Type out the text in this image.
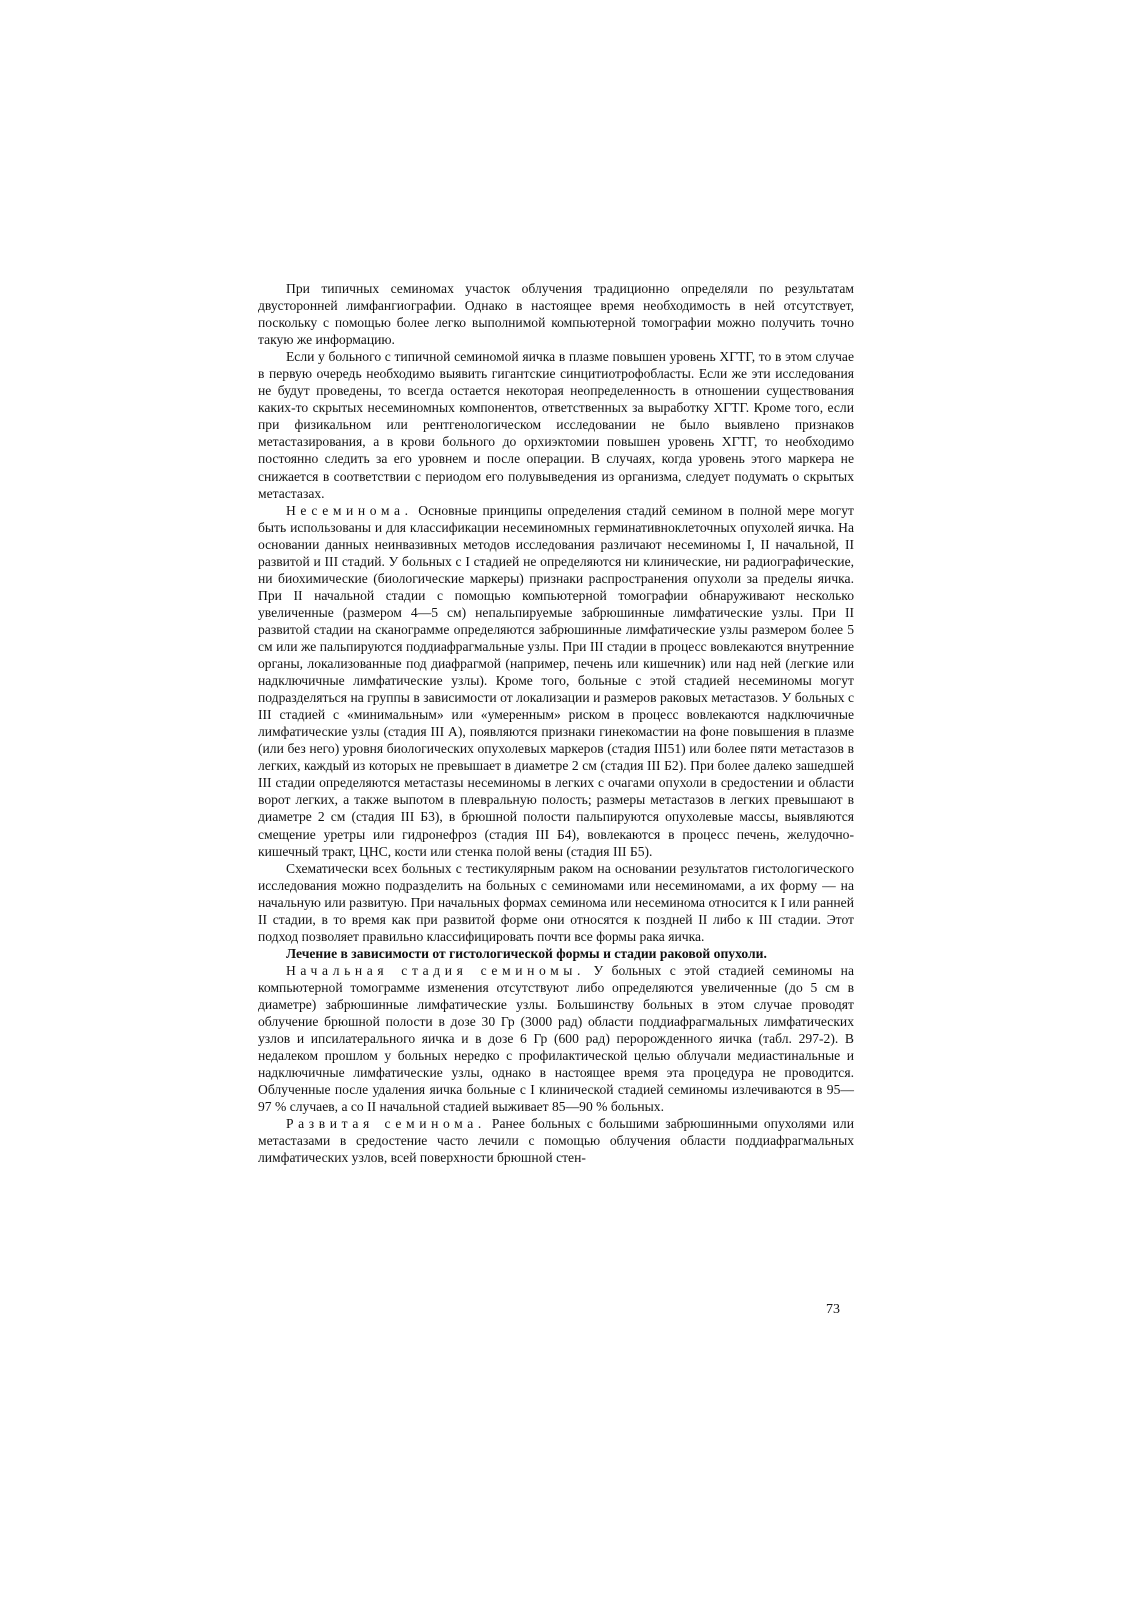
При типичных семиномах участок облучения традиционно определяли по результатам двусторонней лимфангиографии. Однако в настоящее время необходимость в ней отсутствует, поскольку с помощью более легко выполнимой компьютерной томографии можно получить точно такую же информацию.

Если у больного с типичной семиномой яичка в плазме повышен уровень ХГТГ, то в этом случае в первую очередь необходимо выявить гигантские синцитиотрофобласты. Если же эти исследования не будут проведены, то всегда остается некоторая неопределенность в отношении существования каких-то скрытых несеминомных компонентов, ответственных за выработку ХГТГ. Кроме того, если при физикальном или рентгенологическом исследовании не было выявлено признаков метастазирования, а в крови больного до орхиэктомии повышен уровень ХГТГ, то необходимо постоянно следить за его уровнем и после операции. В случаях, когда уровень этого маркера не снижается в соответствии с периодом его полувыведения из организма, следует подумать о скрытых метастазах.

Несеминома. Основные принципы определения стадий семином в полной мере могут быть использованы и для классификации несеминомных герминативноклеточных опухолей яичка. На основании данных неинвазивных методов исследования различают несеминомы I, II начальной, II развитой и III стадий. У больных с I стадией не определяются ни клинические, ни радиографические, ни биохимические (биологические маркеры) признаки распространения опухоли за пределы яичка. При II начальной стадии с помощью компьютерной томографии обнаруживают несколько увеличенные (размером 4—5 см) непальпируемые забрюшинные лимфатические узлы. При II развитой стадии на сканограмме определяются забрюшинные лимфатические узлы размером более 5 см или же пальпируются поддиафрагмальные узлы. При III стадии в процесс вовлекаются внутренние органы, локализованные под диафрагмой (например, печень или кишечник) или над ней (легкие или надключичные лимфатические узлы). Кроме того, больные с этой стадией несеминомы могут подразделяться на группы в зависимости от локализации и размеров раковых метастазов. У больных с III стадией с «минимальным» или «умеренным» риском в процесс вовлекаются надключичные лимфатические узлы (стадия III А), появляются признаки гинекомастии на фоне повышения в плазме (или без него) уровня биологических опухолевых маркеров (стадия III51) или более пяти метастазов в легких, каждый из которых не превышает в диаметре 2 см (стадия III Б2). При более далеко зашедшей III стадии определяются метастазы несеминомы в легких с очагами опухоли в средостении и области ворот легких, а также выпотом в плевральную полость; размеры метастазов в легких превышают в диаметре 2 см (стадия III Б3), в брюшной полости пальпируются опухолевые массы, выявляются смещение уретры или гидронефроз (стадия III Б4), вовлекаются в процесс печень, желудочно-кишечный тракт, ЦНС, кости или стенка полой вены (стадия III Б5).

Схематически всех больных с тестикулярным раком на основании результатов гистологического исследования можно подразделить на больных с семиномами или несеминомами, а их форму — на начальную или развитую. При начальных формах семинома или несеминома относится к I или ранней II стадии, в то время как при развитой форме они относятся к поздней II либо к III стадии. Этот подход позволяет правильно классифицировать почти все формы рака яичка.

Лечение в зависимости от гистологической формы и стадии раковой опухоли.

Начальная стадия семиномы. У больных с этой стадией семиномы на компьютерной томограмме изменения отсутствуют либо определяются увеличенные (до 5 см в диаметре) забрюшинные лимфатические узлы. Большинству больных в этом случае проводят облучение брюшной полости в дозе 30 Гр (3000 рад) области поддиафрагмальных лимфатических узлов и ипсилатерального яичка и в дозе 6 Гр (600 рад) перорожденного яичка (табл. 297-2). В недалеком прошлом у больных нередко с профилактической целью облучали медиастинальные и надключичные лимфатические узлы, однако в настоящее время эта процедура не проводится. Облученные после удаления яичка больные с I клинической стадией семиномы излечиваются в 95—97 % случаев, а со II начальной стадией выживает 85—90 % больных.

Развитая семинома. Ранее больных с большими забрюшинными опухолями или метастазами в средостение часто лечили с помощью облучения области поддиафрагмальных лимфатических узлов, всей поверхности брюшной стен-

73
